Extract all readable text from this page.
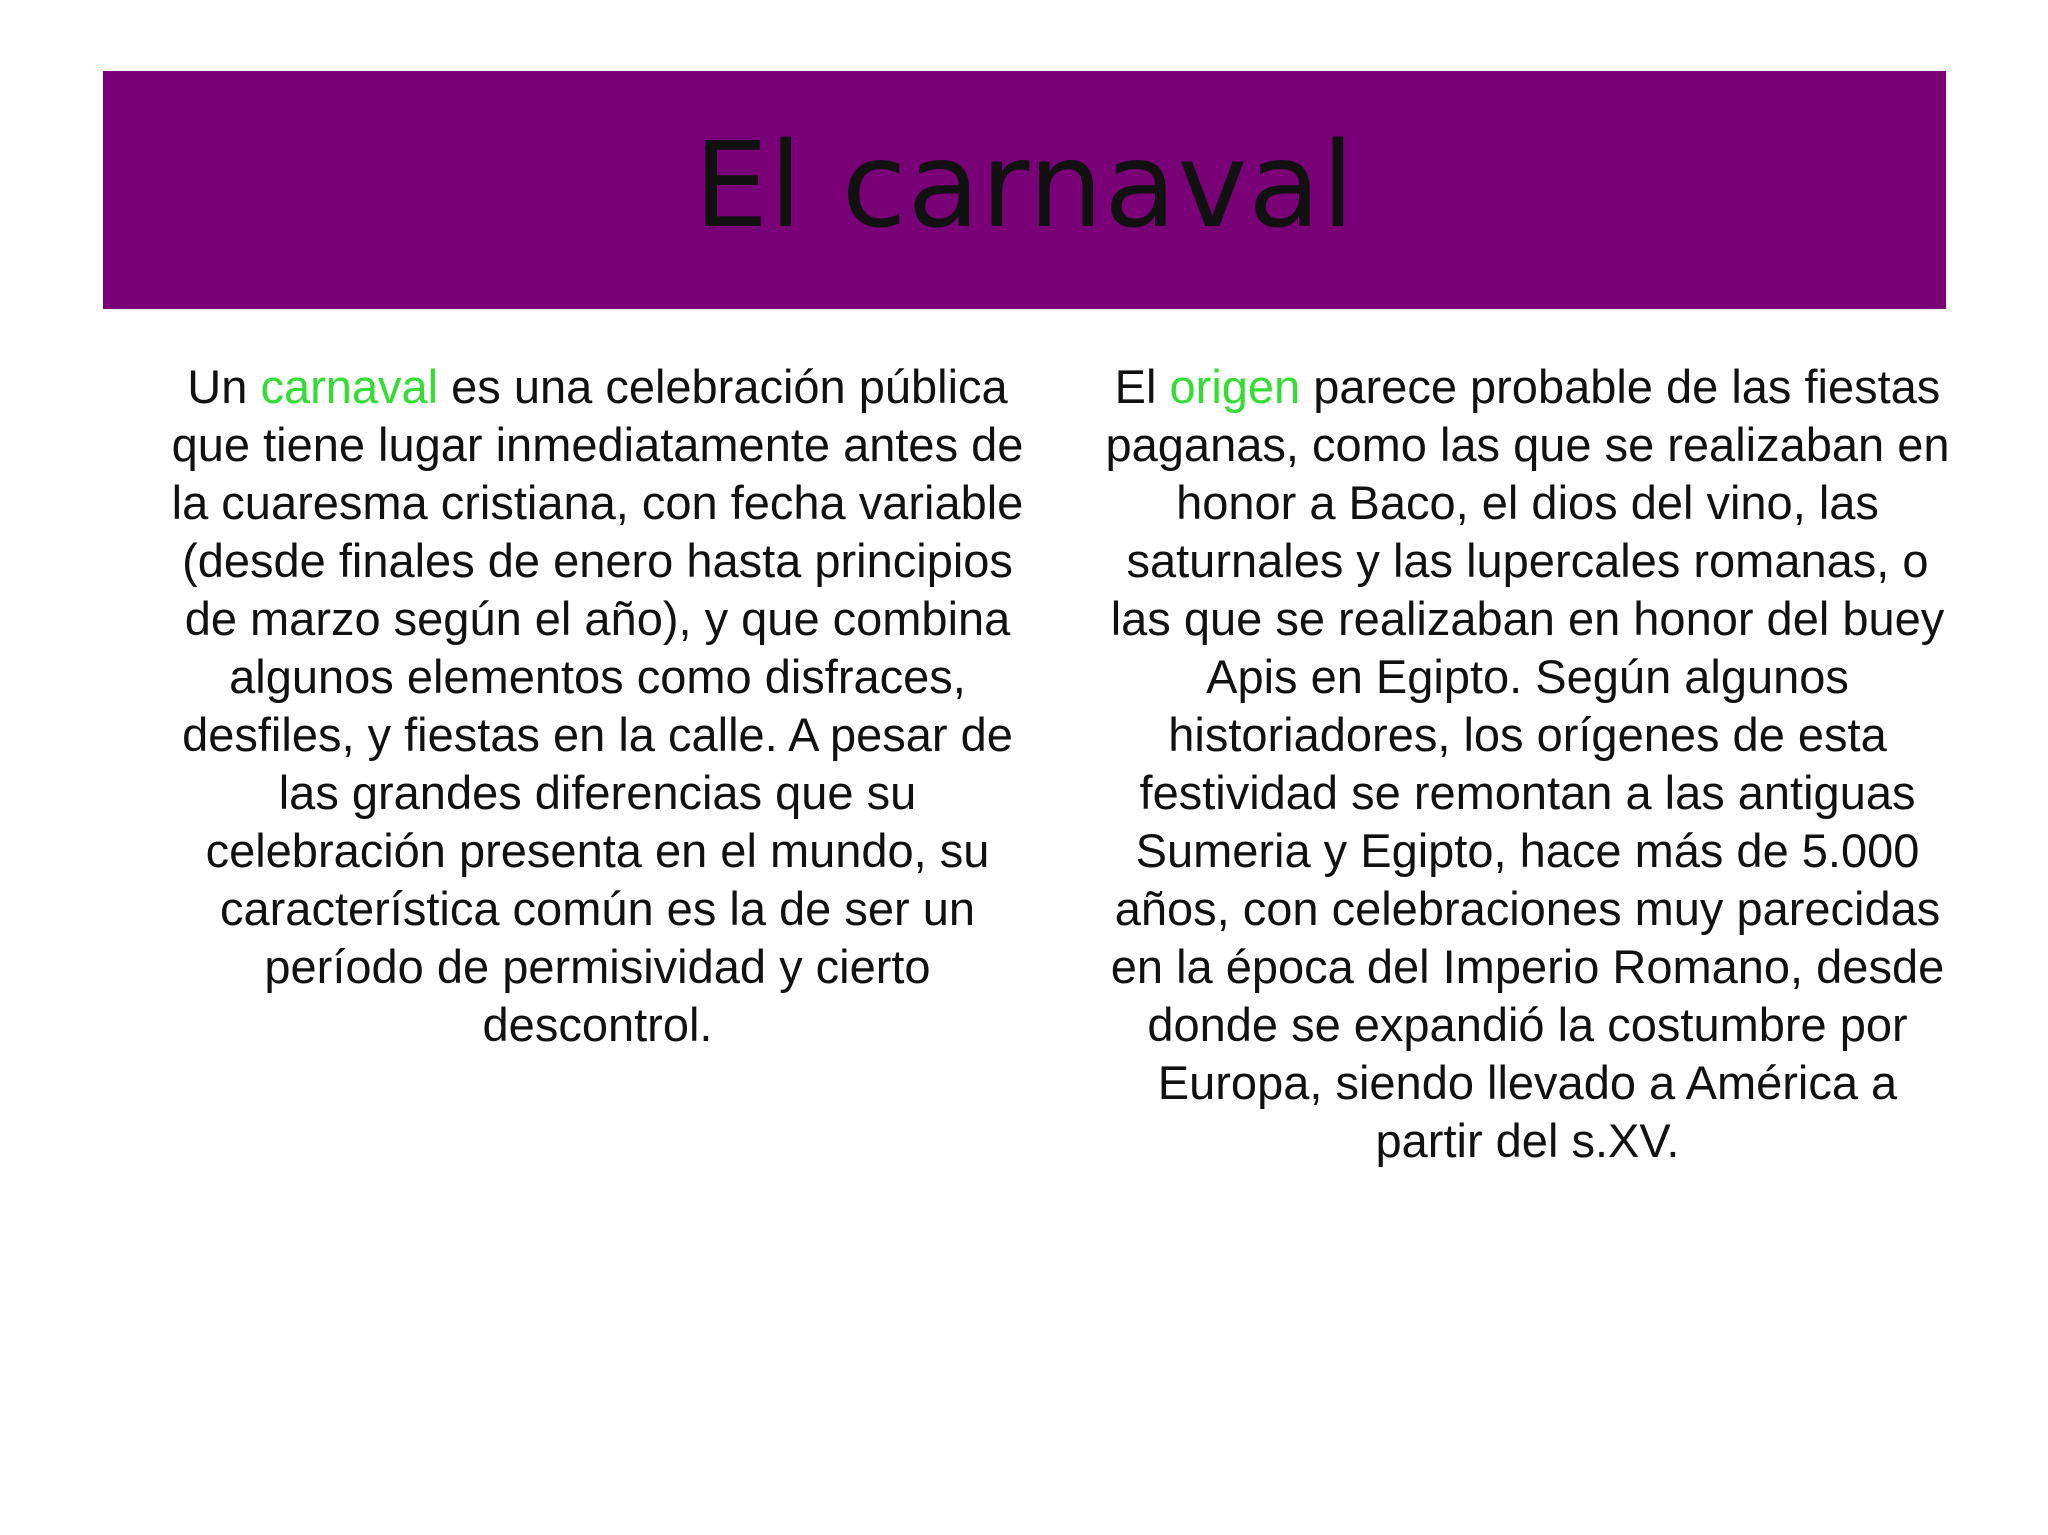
El carnaval
Un carnaval es una celebración pública que tiene lugar inmediatamente antes de la cuaresma cristiana, con fecha variable (desde finales de enero hasta principios de marzo según el año), y que combina algunos elementos como disfraces, desfiles, y fiestas en la calle. A pesar de las grandes diferencias que su celebración presenta en el mundo, su característica común es la de ser un período de permisividad y cierto descontrol.
El origen parece probable de las fiestas paganas, como las que se realizaban en honor a Baco, el dios del vino, las saturnales y las lupercales romanas, o las que se realizaban en honor del buey Apis en Egipto. Según algunos historiadores, los orígenes de esta festividad se remontan a las antiguas Sumeria y Egipto, hace más de 5.000 años, con celebraciones muy parecidas en la época del Imperio Romano, desde donde se expandió la costumbre por Europa, siendo llevado a América a partir del s.XV.
